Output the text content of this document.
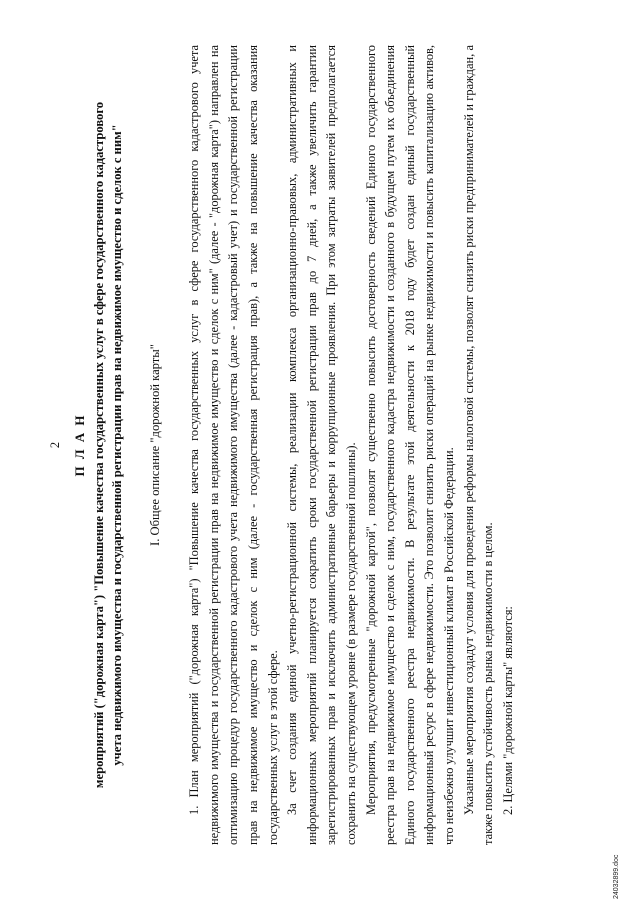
2 П Л А Н мероприятий ("дорожная карта") "Повышение качества государственных услуг в сфере государственного кадастрового учета недвижимого имущества и государственной регистрации прав на недвижимое имущество и сделок с ним" I. Общее описание "дорожной карты" 1. План мероприятий ("дорожная карта") "Повышение качества государственных услуг в сфере государственного кадастрового учета недвижимого имущества и государственной регистрации прав на недвижимое имущество и сделок с ним" (далее - "дорожная карта") направлен на оптимизацию процедур государственного кадастрового учета недвижимого имущества (далее - кадастровый учет) и государственной регистрации прав на недвижимое имущество и сделок с ним (далее - государственная регистрация прав), а также на повышение качества оказания государственных услуг в этой сфере. За счет создания единой учетно-регистрационной системы, реализации комплекса организационно-правовых, административных и информационных мероприятий планируется сократить сроки государственной регистрации прав до 7 дней, а также увеличить гарантии зарегистрированных прав и исключить административные барьеры и коррупционные проявления. При этом затраты заявителей предполагается сохранить на существующем уровне (в размере государственной пошлины). Мероприятия, предусмотренные "дорожной картой", позволят существенно повысить достоверность сведений Единого государственного реестра прав на недвижимое имущество и сделок с ним, государственного кадастра недвижимости и созданного в будущем путем их объединения Единого государственного реестра недвижимости. В результате этой деятельности к 2018 году будет создан единый государственный информационный ресурс в сфере недвижимости. Это позволит снизить риски операций на рынке недвижимости и повысить капитализацию активов, что неизбежно улучшит инвестиционный климат в Российской Федерации. Указанные мероприятия создадут условия для проведения реформы налоговой системы, позволят снизить риски предпринимателей и граждан, а также повысить устойчивость рынка недвижимости в целом. 2. Целями "дорожной карты" являются:

24032899.doc
